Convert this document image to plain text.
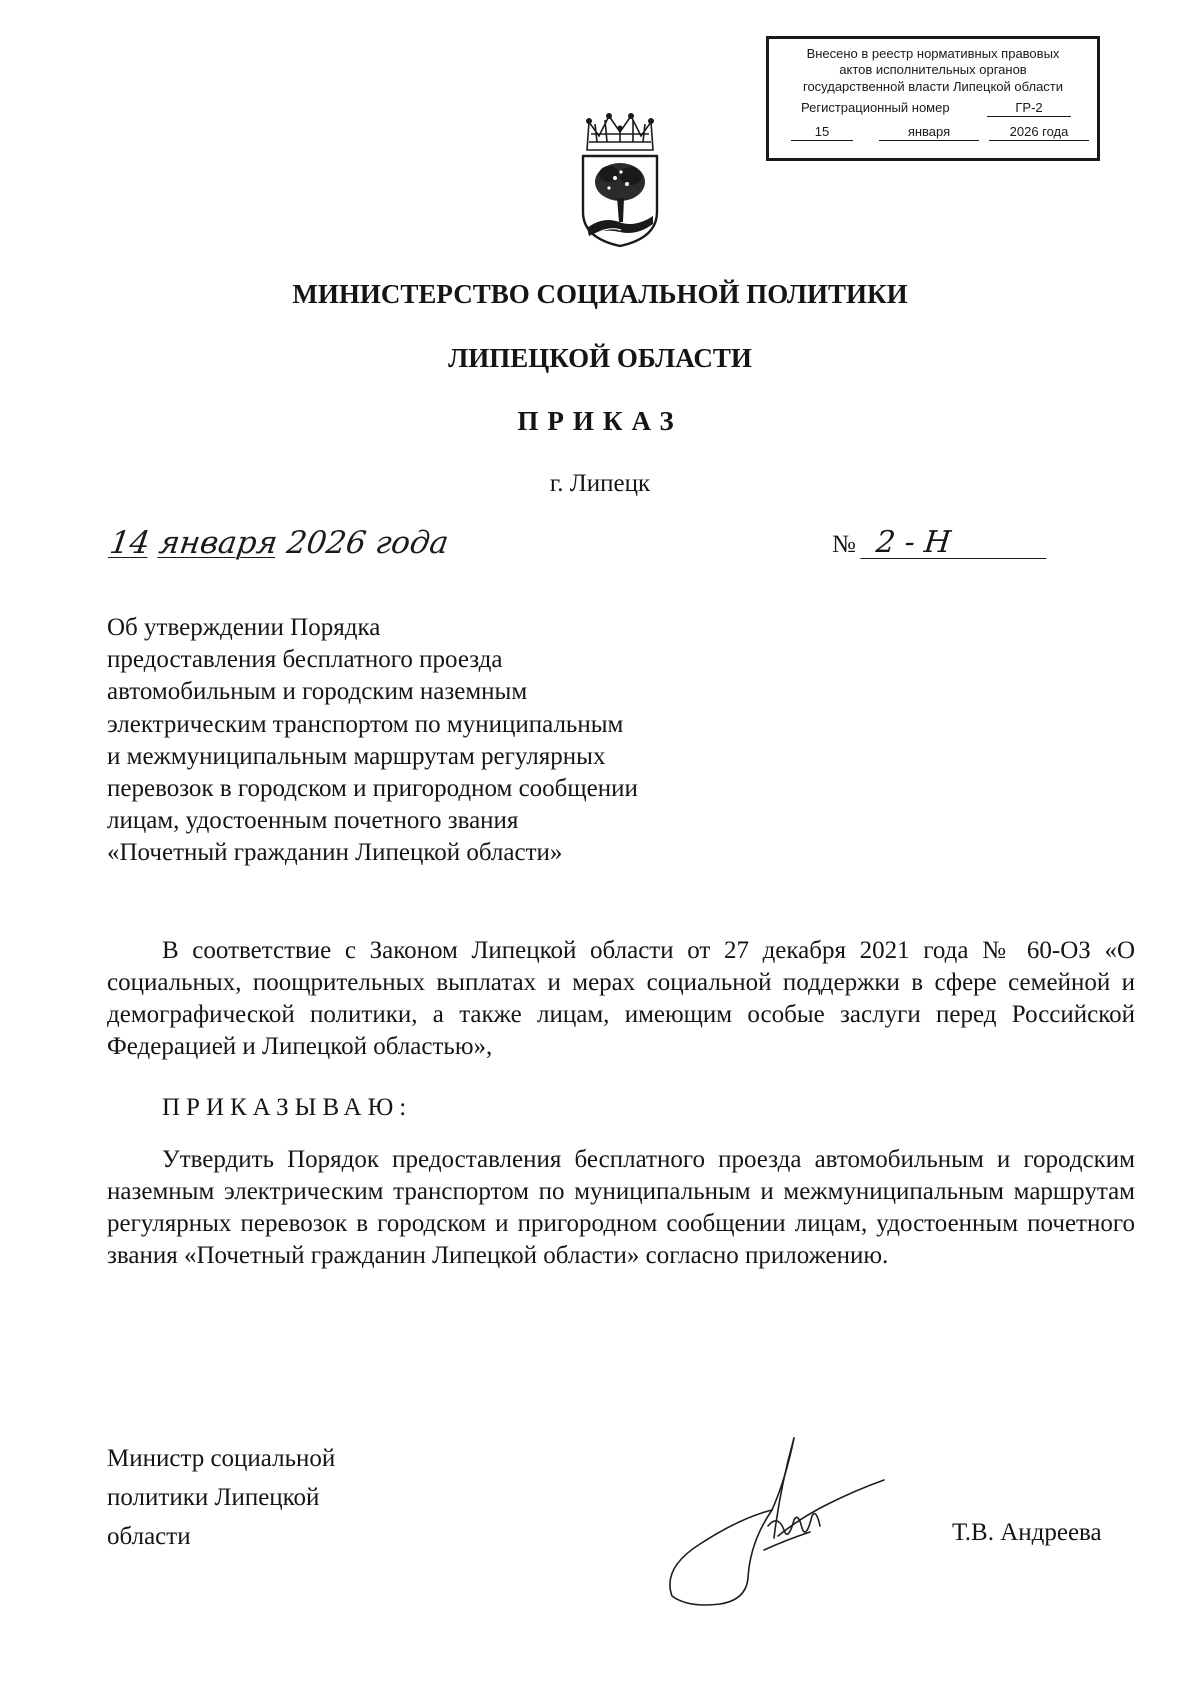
Внесено в реестр нормативных правовых
актов исполнительных органов
государственной власти Липецкой области
Регистрационный номер	ГР-2
15	января	2026 года
МИНИСТЕРСТВО СОЦИАЛЬНОЙ ПОЛИТИКИ
ЛИПЕЦКОЙ ОБЛАСТИ
ПРИКАЗ
г. Липецк
14 января 2026 года	№ 2 - Н
Об утверждении Порядка
предоставления бесплатного проезда
автомобильным и городским наземным
электрическим транспортом по муниципальным
и межмуниципальным маршрутам регулярных
перевозок в городском и пригородном сообщении
лицам, удостоенным почетного звания
«Почетный гражданин Липецкой области»
В соответствие с Законом Липецкой области от 27 декабря 2021 года № 60-ОЗ «О социальных, поощрительных выплатах и мерах социальной поддержки в сфере семейной и демографической политики, а также лицам, имеющим особые заслуги перед Российской Федерацией и Липецкой областью»,
ПРИКАЗЫВАЮ:
Утвердить Порядок предоставления бесплатного проезда автомобильным и городским наземным электрическим транспортом по муниципальным и межмуниципальным маршрутам регулярных перевозок в городском и пригородном сообщении лицам, удостоенным почетного звания «Почетный гражданин Липецкой области» согласно приложению.
Министр социальной
политики Липецкой
области	Т.В. Андреева
